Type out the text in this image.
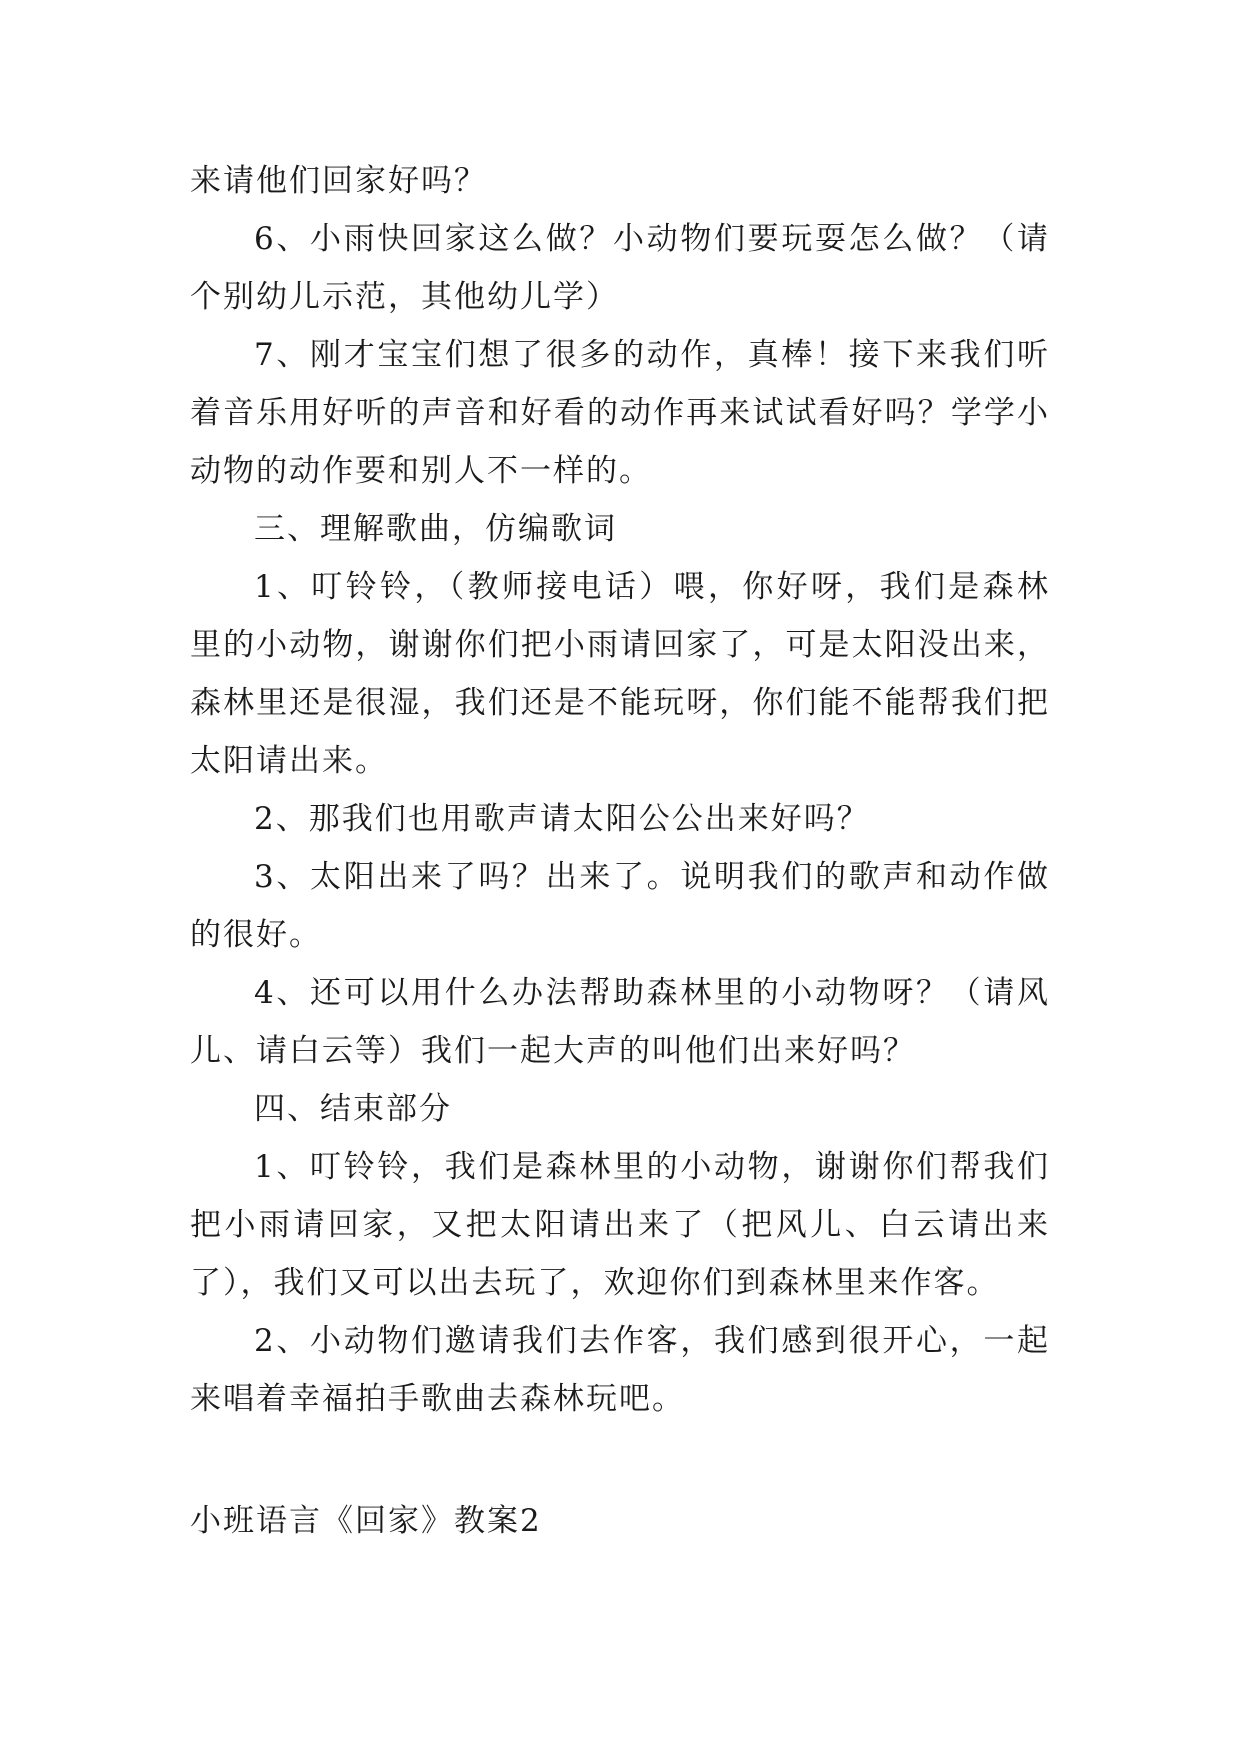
来请他们回家好吗？

6、小雨快回家这么做？小动物们要玩耍怎么做？（请个别幼儿示范，其他幼儿学）

7、刚才宝宝们想了很多的动作，真棒！接下来我们听着音乐用好听的声音和好看的动作再来试试看好吗？学学小动物的动作要和别人不一样的。

三、理解歌曲，仿编歌词

1、叮铃铃，（教师接电话）喂，你好呀，我们是森林里的小动物，谢谢你们把小雨请回家了，可是太阳没出来，森林里还是很湿，我们还是不能玩呀，你们能不能帮我们把太阳请出来。

2、那我们也用歌声请太阳公公出来好吗？

3、太阳出来了吗？出来了。说明我们的歌声和动作做的很好。

4、还可以用什么办法帮助森林里的小动物呀？（请风儿、请白云等）我们一起大声的叫他们出来好吗？

四、结束部分

1、叮铃铃，我们是森林里的小动物，谢谢你们帮我们把小雨请回家，又把太阳请出来了（把风儿、白云请出来了），我们又可以出去玩了，欢迎你们到森林里来作客。

2、小动物们邀请我们去作客，我们感到很开心，一起来唱着幸福拍手歌曲去森林玩吧。

小班语言《回家》教案2
